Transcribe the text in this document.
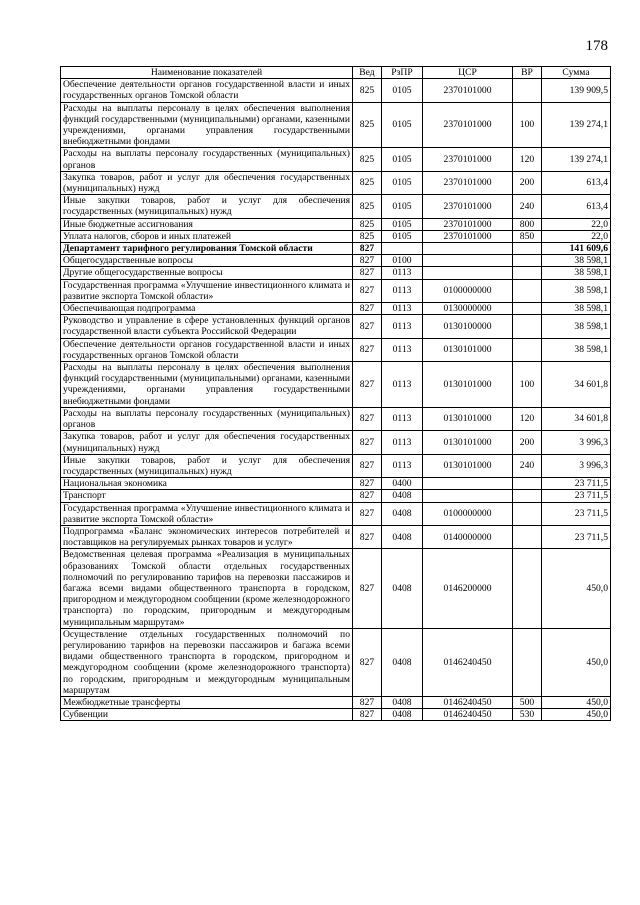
178
Наименование показателей	Вед	РзПР	ЦСР	ВР	Сумма
Обеспечение деятельности органов государственной власти и иных государственных органов Томской области	825	0105	2370101000		139 909,5
Расходы на выплаты персоналу в целях обеспечения выполнения функций государственными (муниципальными) органами, казенными учреждениями, органами управления государственными внебюджетными фондами	825	0105	2370101000	100	139 274,1
Расходы на выплаты персоналу государственных (муниципальных) органов	825	0105	2370101000	120	139 274,1
Закупка товаров, работ и услуг для обеспечения государственных (муниципальных) нужд	825	0105	2370101000	200	613,4
Иные закупки товаров, работ и услуг для обеспечения государственных (муниципальных) нужд	825	0105	2370101000	240	613,4
Иные бюджетные ассигнования	825	0105	2370101000	800	22,0
Уплата налогов, сборов и иных платежей	825	0105	2370101000	850	22,0
Департамент тарифного регулирования Томской области	827				141 609,6
Общегосударственные вопросы	827	0100			38 598,1
Другие общегосударственные вопросы	827	0113			38 598,1
Государственная программа «Улучшение инвестиционного климата и развитие экспорта Томской области»	827	0113	0100000000		38 598,1
Обеспечивающая подпрограмма	827	0113	0130000000		38 598,1
Руководство и управление в сфере установленных функций органов государственной власти субъекта Российской Федерации	827	0113	0130100000		38 598,1
Обеспечение деятельности органов государственной власти и иных государственных органов Томской области	827	0113	0130101000		38 598,1
Расходы на выплаты персоналу в целях обеспечения выполнения функций государственными (муниципальными) органами, казенными учреждениями, органами управления государственными внебюджетными фондами	827	0113	0130101000	100	34 601,8
Расходы на выплаты персоналу государственных (муниципальных) органов	827	0113	0130101000	120	34 601,8
Закупка товаров, работ и услуг для обеспечения государственных (муниципальных) нужд	827	0113	0130101000	200	3 996,3
Иные закупки товаров, работ и услуг для обеспечения государственных (муниципальных) нужд	827	0113	0130101000	240	3 996,3
Национальная экономика	827	0400			23 711,5
Транспорт	827	0408			23 711,5
Государственная программа «Улучшение инвестиционного климата и развитие экспорта Томской области»	827	0408	0100000000		23 711,5
Подпрограмма «Баланс экономических интересов потребителей и поставщиков на регулируемых рынках товаров и услуг»	827	0408	0140000000		23 711,5
Ведомственная целевая программа «Реализация в муниципальных образованиях Томской области отдельных государственных полномочий по регулированию тарифов на перевозки пассажиров и багажа всеми видами общественного транспорта в городском, пригородном и междугородном сообщении (кроме железнодорожного транспорта) по городским, пригородным и междугородным муниципальным маршрутам»	827	0408	0146200000		450,0
Осуществление отдельных государственных полномочий по регулированию тарифов на перевозки пассажиров и багажа всеми видами общественного транспорта в городском, пригородном и междугородном сообщении (кроме железнодорожного транспорта) по городским, пригородным и междугородным муниципальным маршрутам	827	0408	0146240450		450,0
Межбюджетные трансферты	827	0408	0146240450	500	450,0
Субвенции	827	0408	0146240450	530	450,0
